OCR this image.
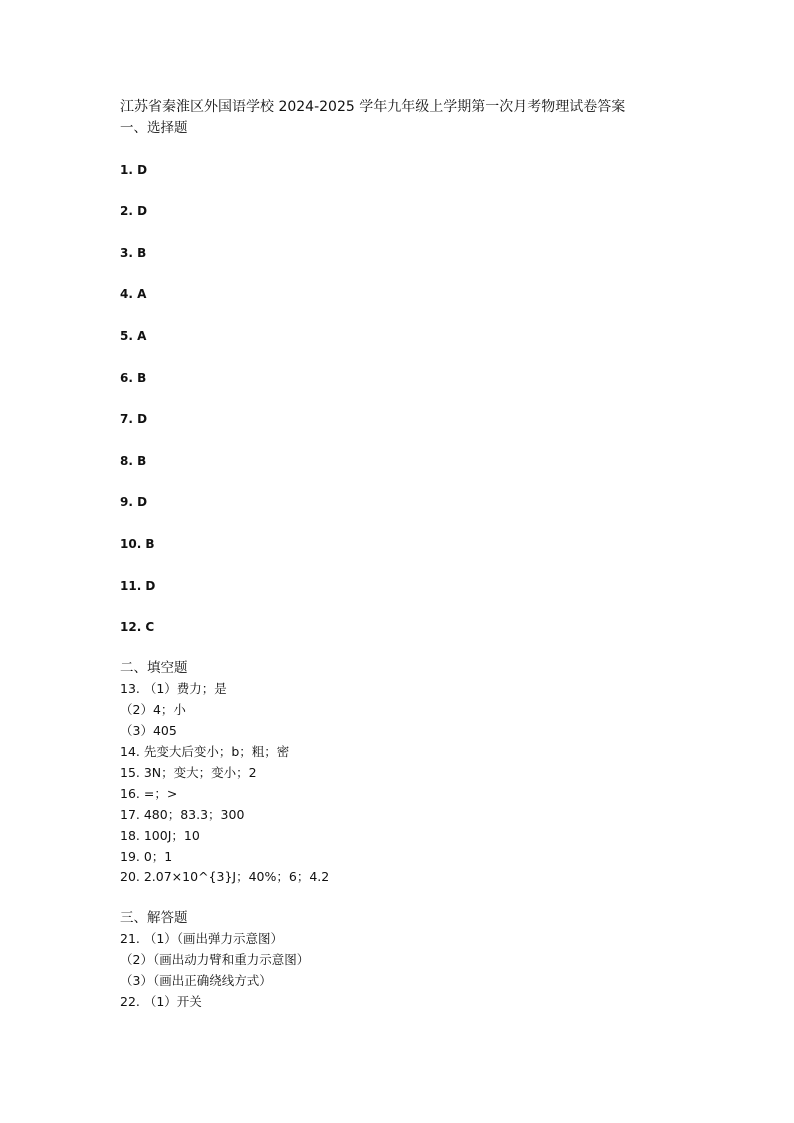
江苏省秦淮区外国语学校 2024-2025 学年九年级上学期第一次月考物理试卷答案
一、选择题
1. D
2. D
3. B
4. A
5. A
6. B
7. D
8. B
9. D
10. B
11. D
12. C
二、填空题
13. （1）费力；是
（2）4；小
（3）405
14. 先变大后变小；b；粗；密
15. 3N；变大；变小；2
16. =；>
17. 480；83.3；300
18. 100J；10
19. 0；1
20. 2.07×10^{3}J；40%；6；4.2
三、解答题
21. （1）（画出弹力示意图）
（2）（画出动力臂和重力示意图）
（3）（画出正确绕线方式）
22. （1）开关
